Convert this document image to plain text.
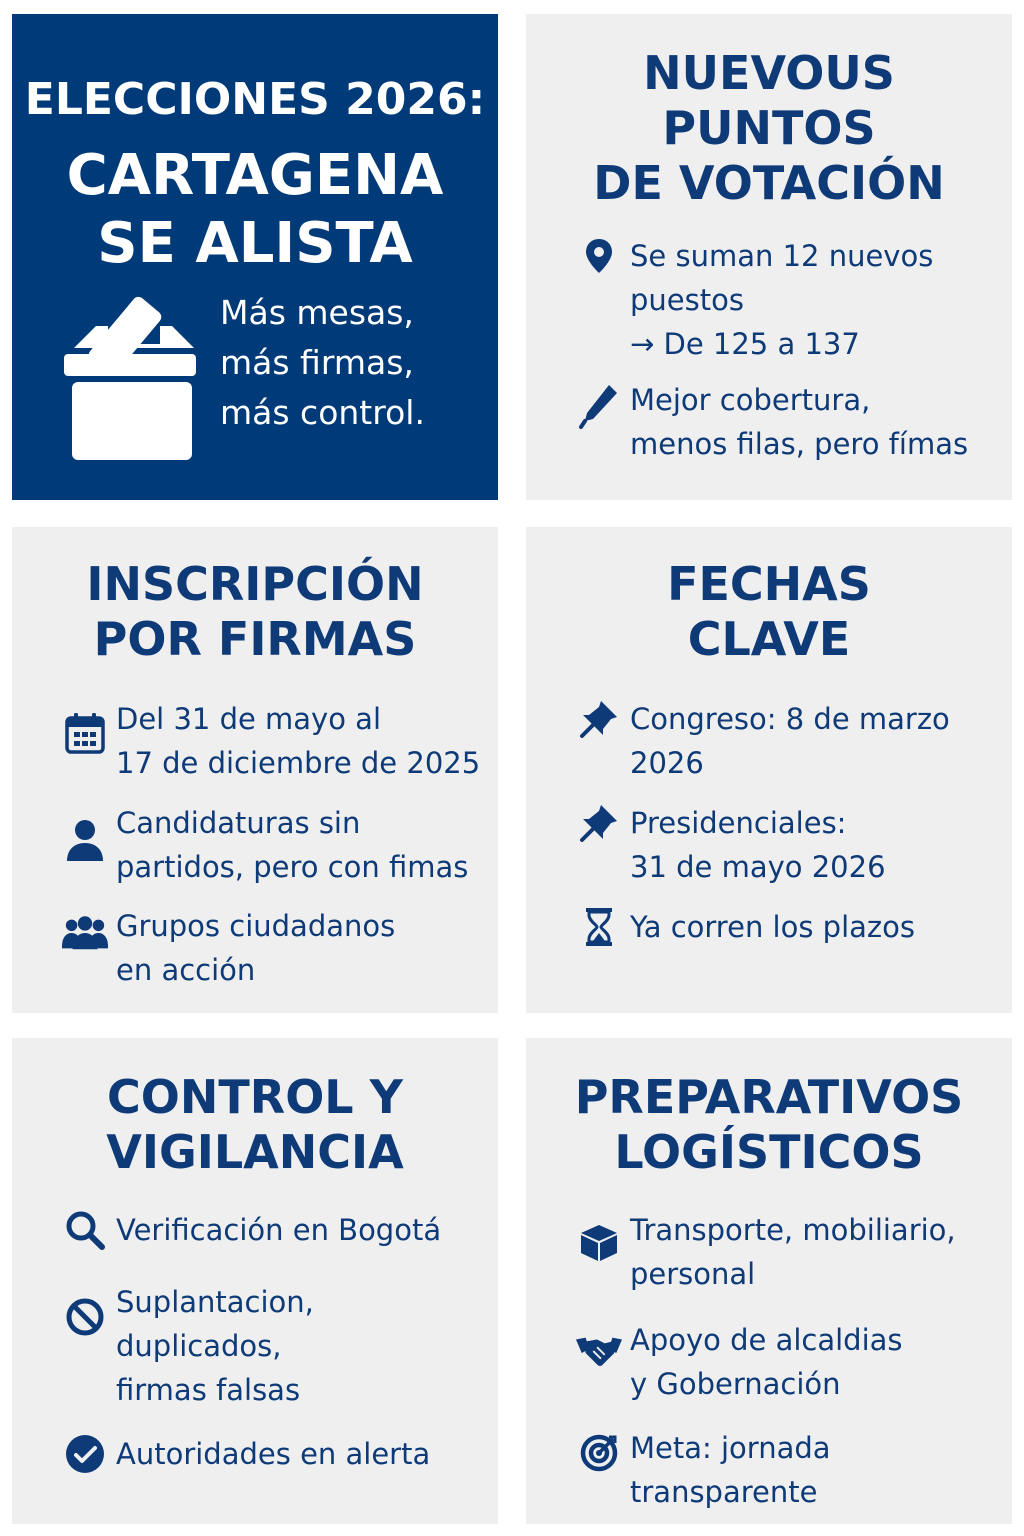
ELECCIONES 2026:
CARTAGENA
SE ALISTA
Más mesas,
más firmas,
más control.
NUEVOUS
PUNTOS
DE VOTACIÓN
Se suman 12 nuevos
puestos
→ De 125 a 137
Mejor cobertura,
menos filas, pero fímas
INSCRIPCIÓN
POR FIRMAS
Del 31 de mayo al
17 de diciembre de 2025
Candidaturas sin
partidos, pero con fimas
Grupos ciudadanos
en acción
FECHAS
CLAVE
Congreso: 8 de marzo
2026
Presidenciales:
31 de mayo 2026
Ya corren los plazos
CONTROL Y
VIGILANCIA
Verificación en Bogotá
Suplantacion,
duplicados,
firmas falsas
Autoridades en alerta
PREPARATIVOS
LOGÍSTICOS
Transporte, mobiliario,
personal
Apoyo de alcaldias
y Gobernación
Meta: jornada
transparente
